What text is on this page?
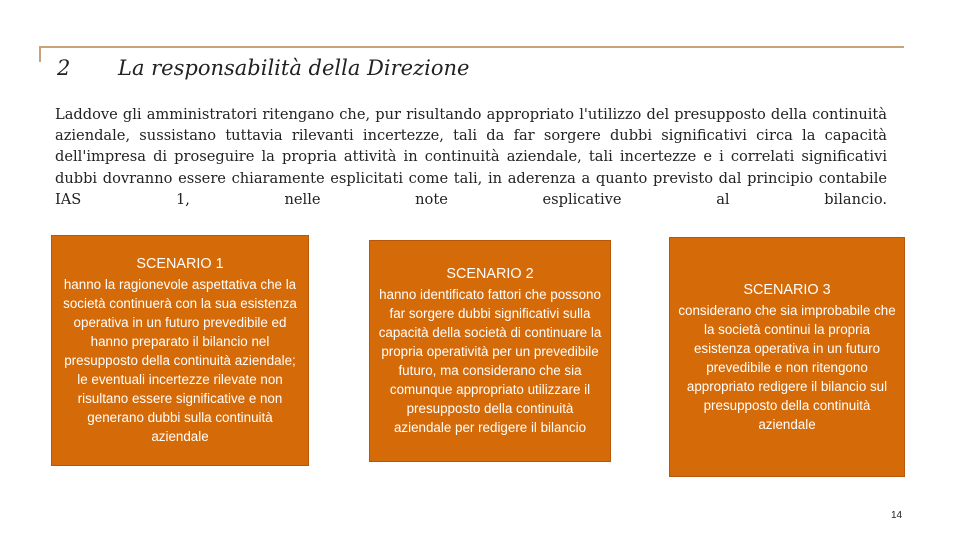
2 La responsabilità della Direzione
Laddove gli amministratori ritengano che, pur risultando appropriato l'utilizzo del presupposto della continuità aziendale, sussistano tuttavia rilevanti incertezze, tali da far sorgere dubbi significativi circa la capacità dell'impresa di proseguire la propria attività in continuità aziendale, tali incertezze e i correlati significativi dubbi dovranno essere chiaramente esplicitati come tali, in aderenza a quanto previsto dal principio contabile IAS 1, nelle note esplicative al bilancio.
SCENARIO 1
hanno la ragionevole aspettativa che la società continuerà con la sua esistenza operativa in un futuro prevedibile ed hanno preparato il bilancio nel presupposto della continuità aziendale; le eventuali incertezze rilevate non risultano essere significative e non generano dubbi sulla continuità aziendale
SCENARIO 2
hanno identificato fattori che possono far sorgere dubbi significativi sulla capacità della società di continuare la propria operatività per un prevedibile futuro, ma considerano che sia comunque appropriato utilizzare il presupposto della continuità aziendale per redigere il bilancio
SCENARIO 3
considerano che sia improbabile che la società continui la propria esistenza operativa in un futuro prevedibile e non ritengono appropriato redigere il bilancio sul presupposto della continuità aziendale
14
